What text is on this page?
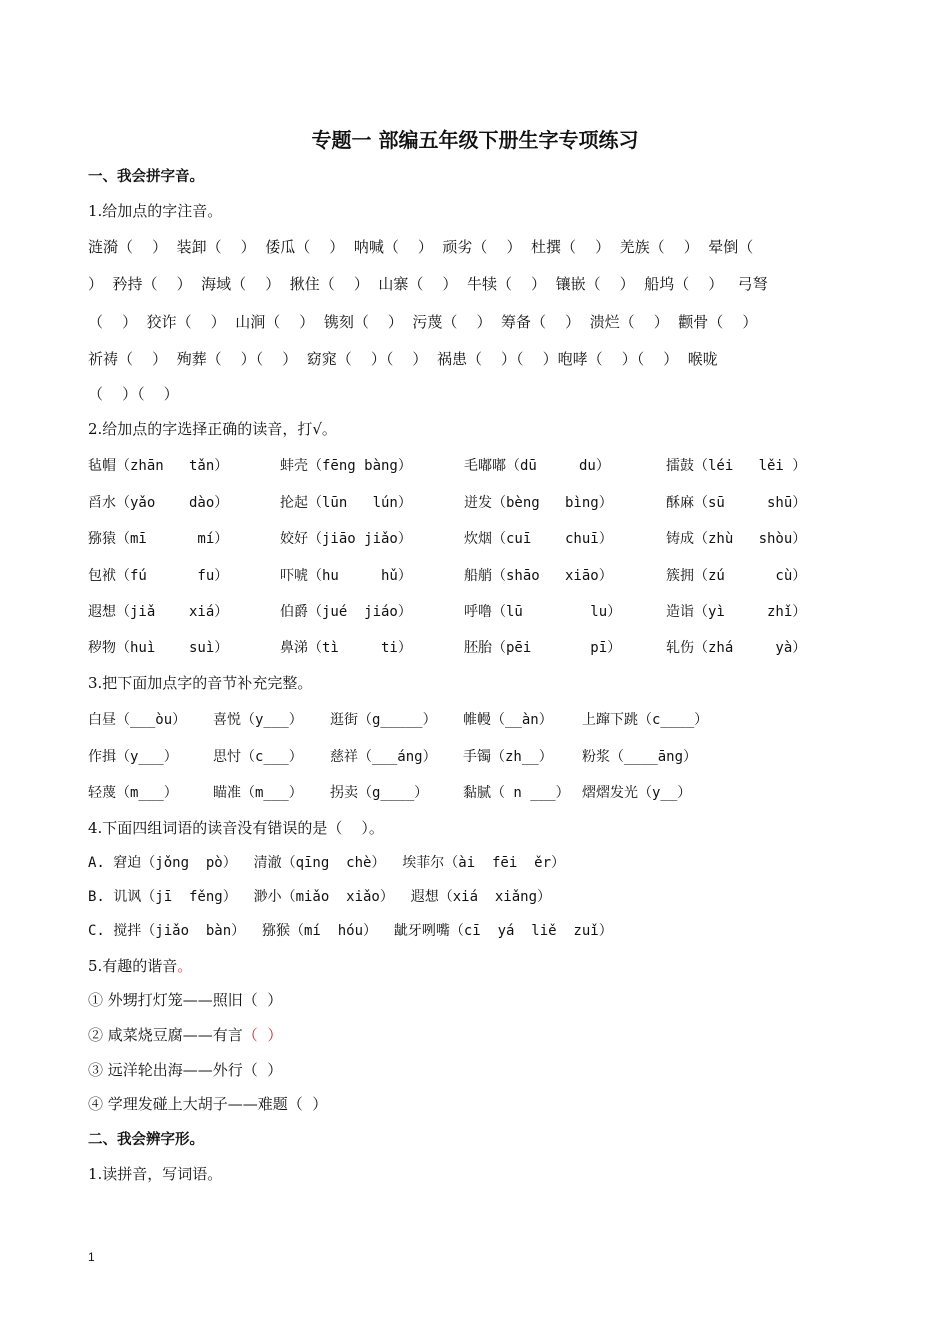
专题一 部编五年级下册生字专项练习
一、我会拼字音。
1.给加点的字注音。
涟漪（    ）  装卸（    ）  倭瓜（    ）  呐喊（    ）  顽劣（    ）  杜撰（    ）  羌族（    ）  晕倒（
）  矜持（    ）  海域（    ）  揪住（    ）  山寨（    ）  牛犊（    ）  镶嵌（    ）  船坞（    ）   弓弩
（    ）  狡诈（    ）  山涧（    ）  镌刻（    ）  污蔑（    ）  筹备（    ）  溃烂（    ）  颧骨（    ）
祈祷（    ）  殉葬（    ）（    ）  窈窕（    ）（    ）  祸患（    ）（    ）咆哮（    ）（    ）  喉咙
（    ）（    ）
2.给加点的字选择正确的读音，打√。
毡帽（zhān   tǎn）	蚌壳（fēng bàng）	毛嘟嘟（dū     du）	擂鼓（léi   lěi ）
舀水（yǎo    dào）	抡起（lūn   lún）	迸发（bèng   bìng）	酥麻（sū     shū）
猕猿（mī      mí）	姣好（jiāo jiǎo）	炊烟（cuī    chuī）	铸成（zhù   shòu）
包袱（fú      fu）	吓唬（hu     hǔ）	船艄（shāo   xiāo）	簇拥（zú      cù）
遐想（jiǎ    xiá）	伯爵（jué  jiáo）	呼噜（lū        lu）	造诣（yì     zhǐ）
秽物（huì    suì）	鼻涕（tì     ti）	胚胎（pēi       pī）	轧伤（zhá     yà）
3.把下面加点字的音节补充完整。
白昼（___òu） 喜悦（y___） 逛街（g_____） 帷幔（__àn） 上蹿下跳（c____）
作揖（y___）	思忖（c___） 慈祥（___áng） 手镯（zh__） 粉浆（____āng）
轻蔑（m___）	瞄准（m___） 拐卖（g____） 黏腻（ n ___） 熠熠发光（y__）
4.下面四组词语的读音没有错误的是（    ）。
A. 窘迫（jǒng  pò）  清澈（qīng  chè）  埃菲尔（ài  fēi  ěr）
B. 讥讽（jī  fěng）  渺小（miǎo  xiǎo）  遐想（xiá  xiǎng）
C. 搅拌（jiǎo  bàn）  猕猴（mí  hóu）  龇牙咧嘴（cī  yá  liě  zuǐ）
5.有趣的谐音。
① 外甥打灯笼——照旧（  ）
② 咸菜烧豆腐——有言（  ）
③ 远洋轮出海——外行（  ）
④ 学理发碰上大胡子——难题（  ）
二、我会辨字形。
1.读拼音，写词语。
1
